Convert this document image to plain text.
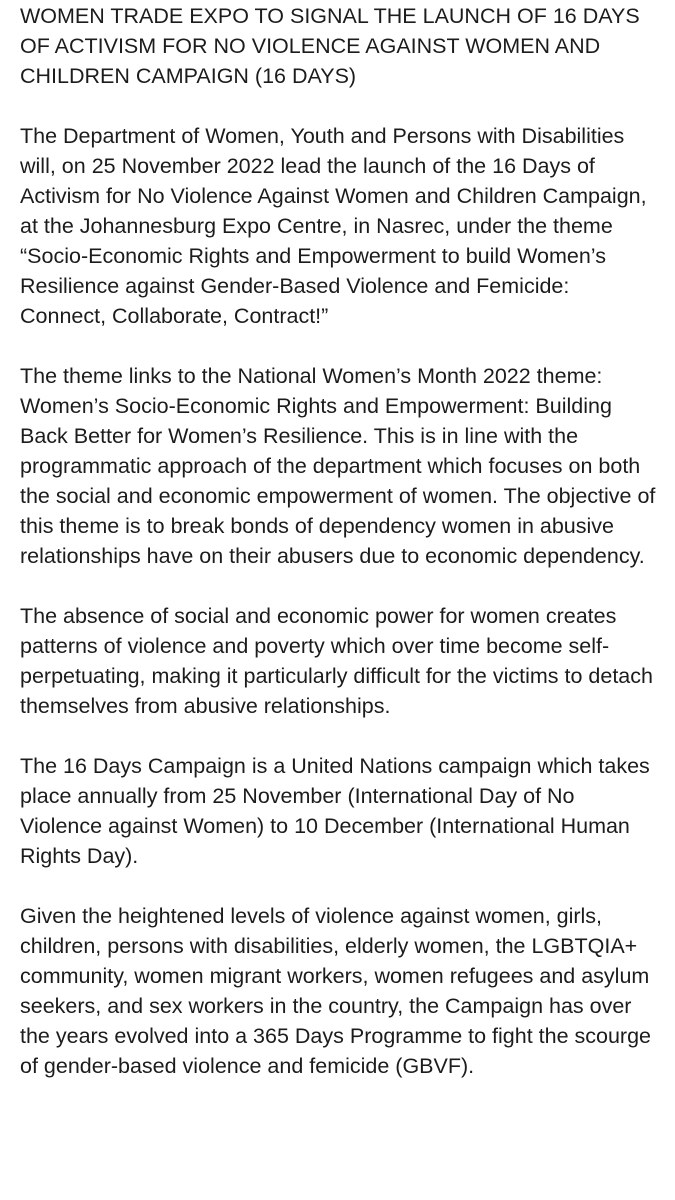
WOMEN TRADE EXPO TO SIGNAL THE LAUNCH OF 16 DAYS OF ACTIVISM FOR NO VIOLENCE AGAINST WOMEN AND CHILDREN CAMPAIGN (16 DAYS)

The Department of Women, Youth and Persons with Disabilities will, on 25 November 2022 lead the launch of the 16 Days of Activism for No Violence Against Women and Children Campaign, at the Johannesburg Expo Centre, in Nasrec, under the theme “Socio-Economic Rights and Empowerment to build Women’s Resilience against Gender-Based Violence and Femicide: Connect, Collaborate, Contract!”

The theme links to the National Women’s Month 2022 theme: Women’s Socio-Economic Rights and Empowerment: Building Back Better for Women’s Resilience. This is in line with the programmatic approach of the department which focuses on both the social and economic empowerment of women. The objective of this theme is to break bonds of dependency women in abusive relationships have on their abusers due to economic dependency.

The absence of social and economic power for women creates patterns of violence and poverty which over time become self-perpetuating, making it particularly difficult for the victims to detach themselves from abusive relationships.

The 16 Days Campaign is a United Nations campaign which takes place annually from 25 November (International Day of No Violence against Women) to 10 December (International Human Rights Day).

Given the heightened levels of violence against women, girls, children, persons with disabilities, elderly women, the LGBTQIA+ community, women migrant workers, women refugees and asylum seekers, and sex workers in the country, the Campaign has over the years evolved into a 365 Days Programme to fight the scourge of gender-based violence and femicide (GBVF).
